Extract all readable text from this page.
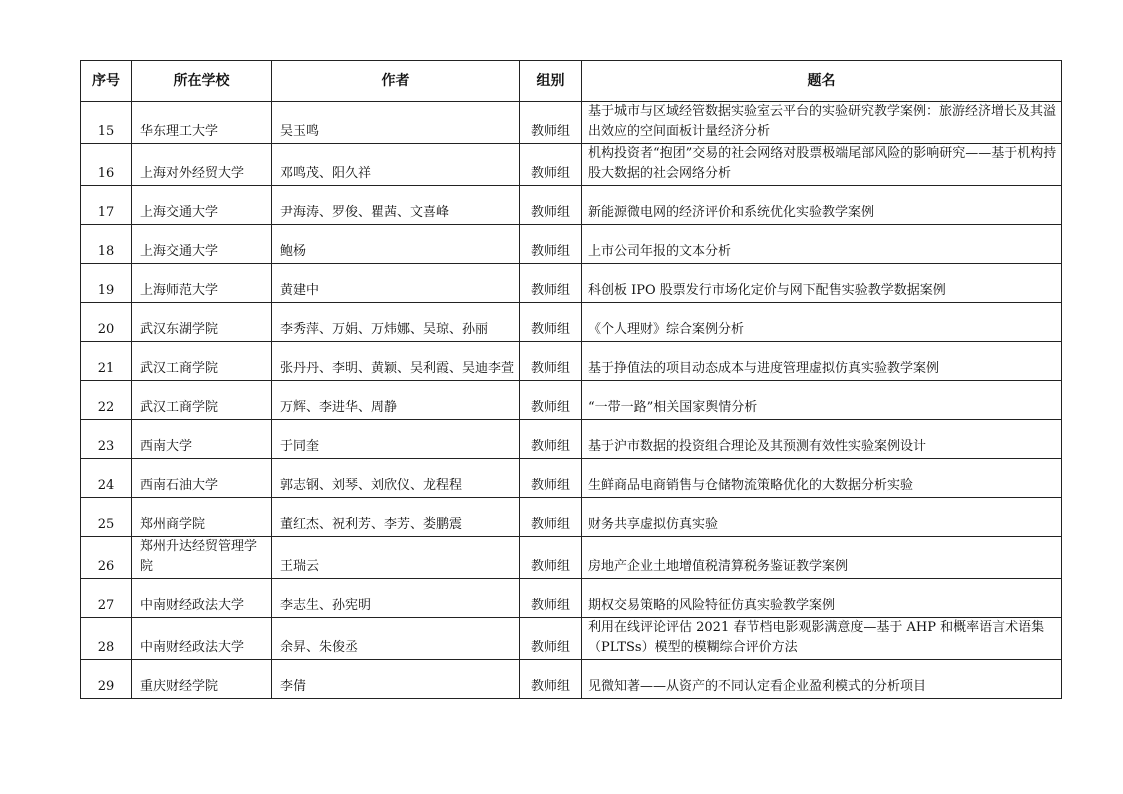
序号	所在学校	作者	组别	题名
15	华东理工大学	吴玉鸣	教师组	基于城市与区域经管数据实验室云平台的实验研究教学案例：旅游经济增长及其溢出效应的空间面板计量经济分析
16	上海对外经贸大学	邓鸣茂、阳久祥	教师组	机构投资者“抱团”交易的社会网络对股票极端尾部风险的影响研究——基于机构持股大数据的社会网络分析
17	上海交通大学	尹海涛、罗俊、瞿茜、文喜峰	教师组	新能源微电网的经济评价和系统优化实验教学案例
18	上海交通大学	鲍杨	教师组	上市公司年报的文本分析
19	上海师范大学	黄建中	教师组	科创板 IPO 股票发行市场化定价与网下配售实验教学数据案例
20	武汉东湖学院	李秀萍、万娟、万炜娜、吴琼、孙丽	教师组	《个人理财》综合案例分析
21	武汉工商学院	张丹丹、李明、黄颖、吴利霞、吴迪李萱	教师组	基于挣值法的项目动态成本与进度管理虚拟仿真实验教学案例
22	武汉工商学院	万辉、李进华、周静	教师组	“一带一路”相关国家舆情分析
23	西南大学	于同奎	教师组	基于沪市数据的投资组合理论及其预测有效性实验案例设计
24	西南石油大学	郭志钢、刘琴、刘欣仪、龙程程	教师组	生鲜商品电商销售与仓储物流策略优化的大数据分析实验
25	郑州商学院	董红杰、祝利芳、李芳、娄鹏震	教师组	财务共享虚拟仿真实验
26	郑州升达经贸管理学院	王瑞云	教师组	房地产企业土地增值税清算税务鉴证教学案例
27	中南财经政法大学	李志生、孙宪明	教师组	期权交易策略的风险特征仿真实验教学案例
28	中南财经政法大学	余昇、朱俊丞	教师组	利用在线评论评估 2021 春节档电影观影满意度—基于 AHP 和概率语言术语集（PLTSs）模型的模糊综合评价方法
29	重庆财经学院	李倩	教师组	见微知著——从资产的不同认定看企业盈利模式的分析项目
